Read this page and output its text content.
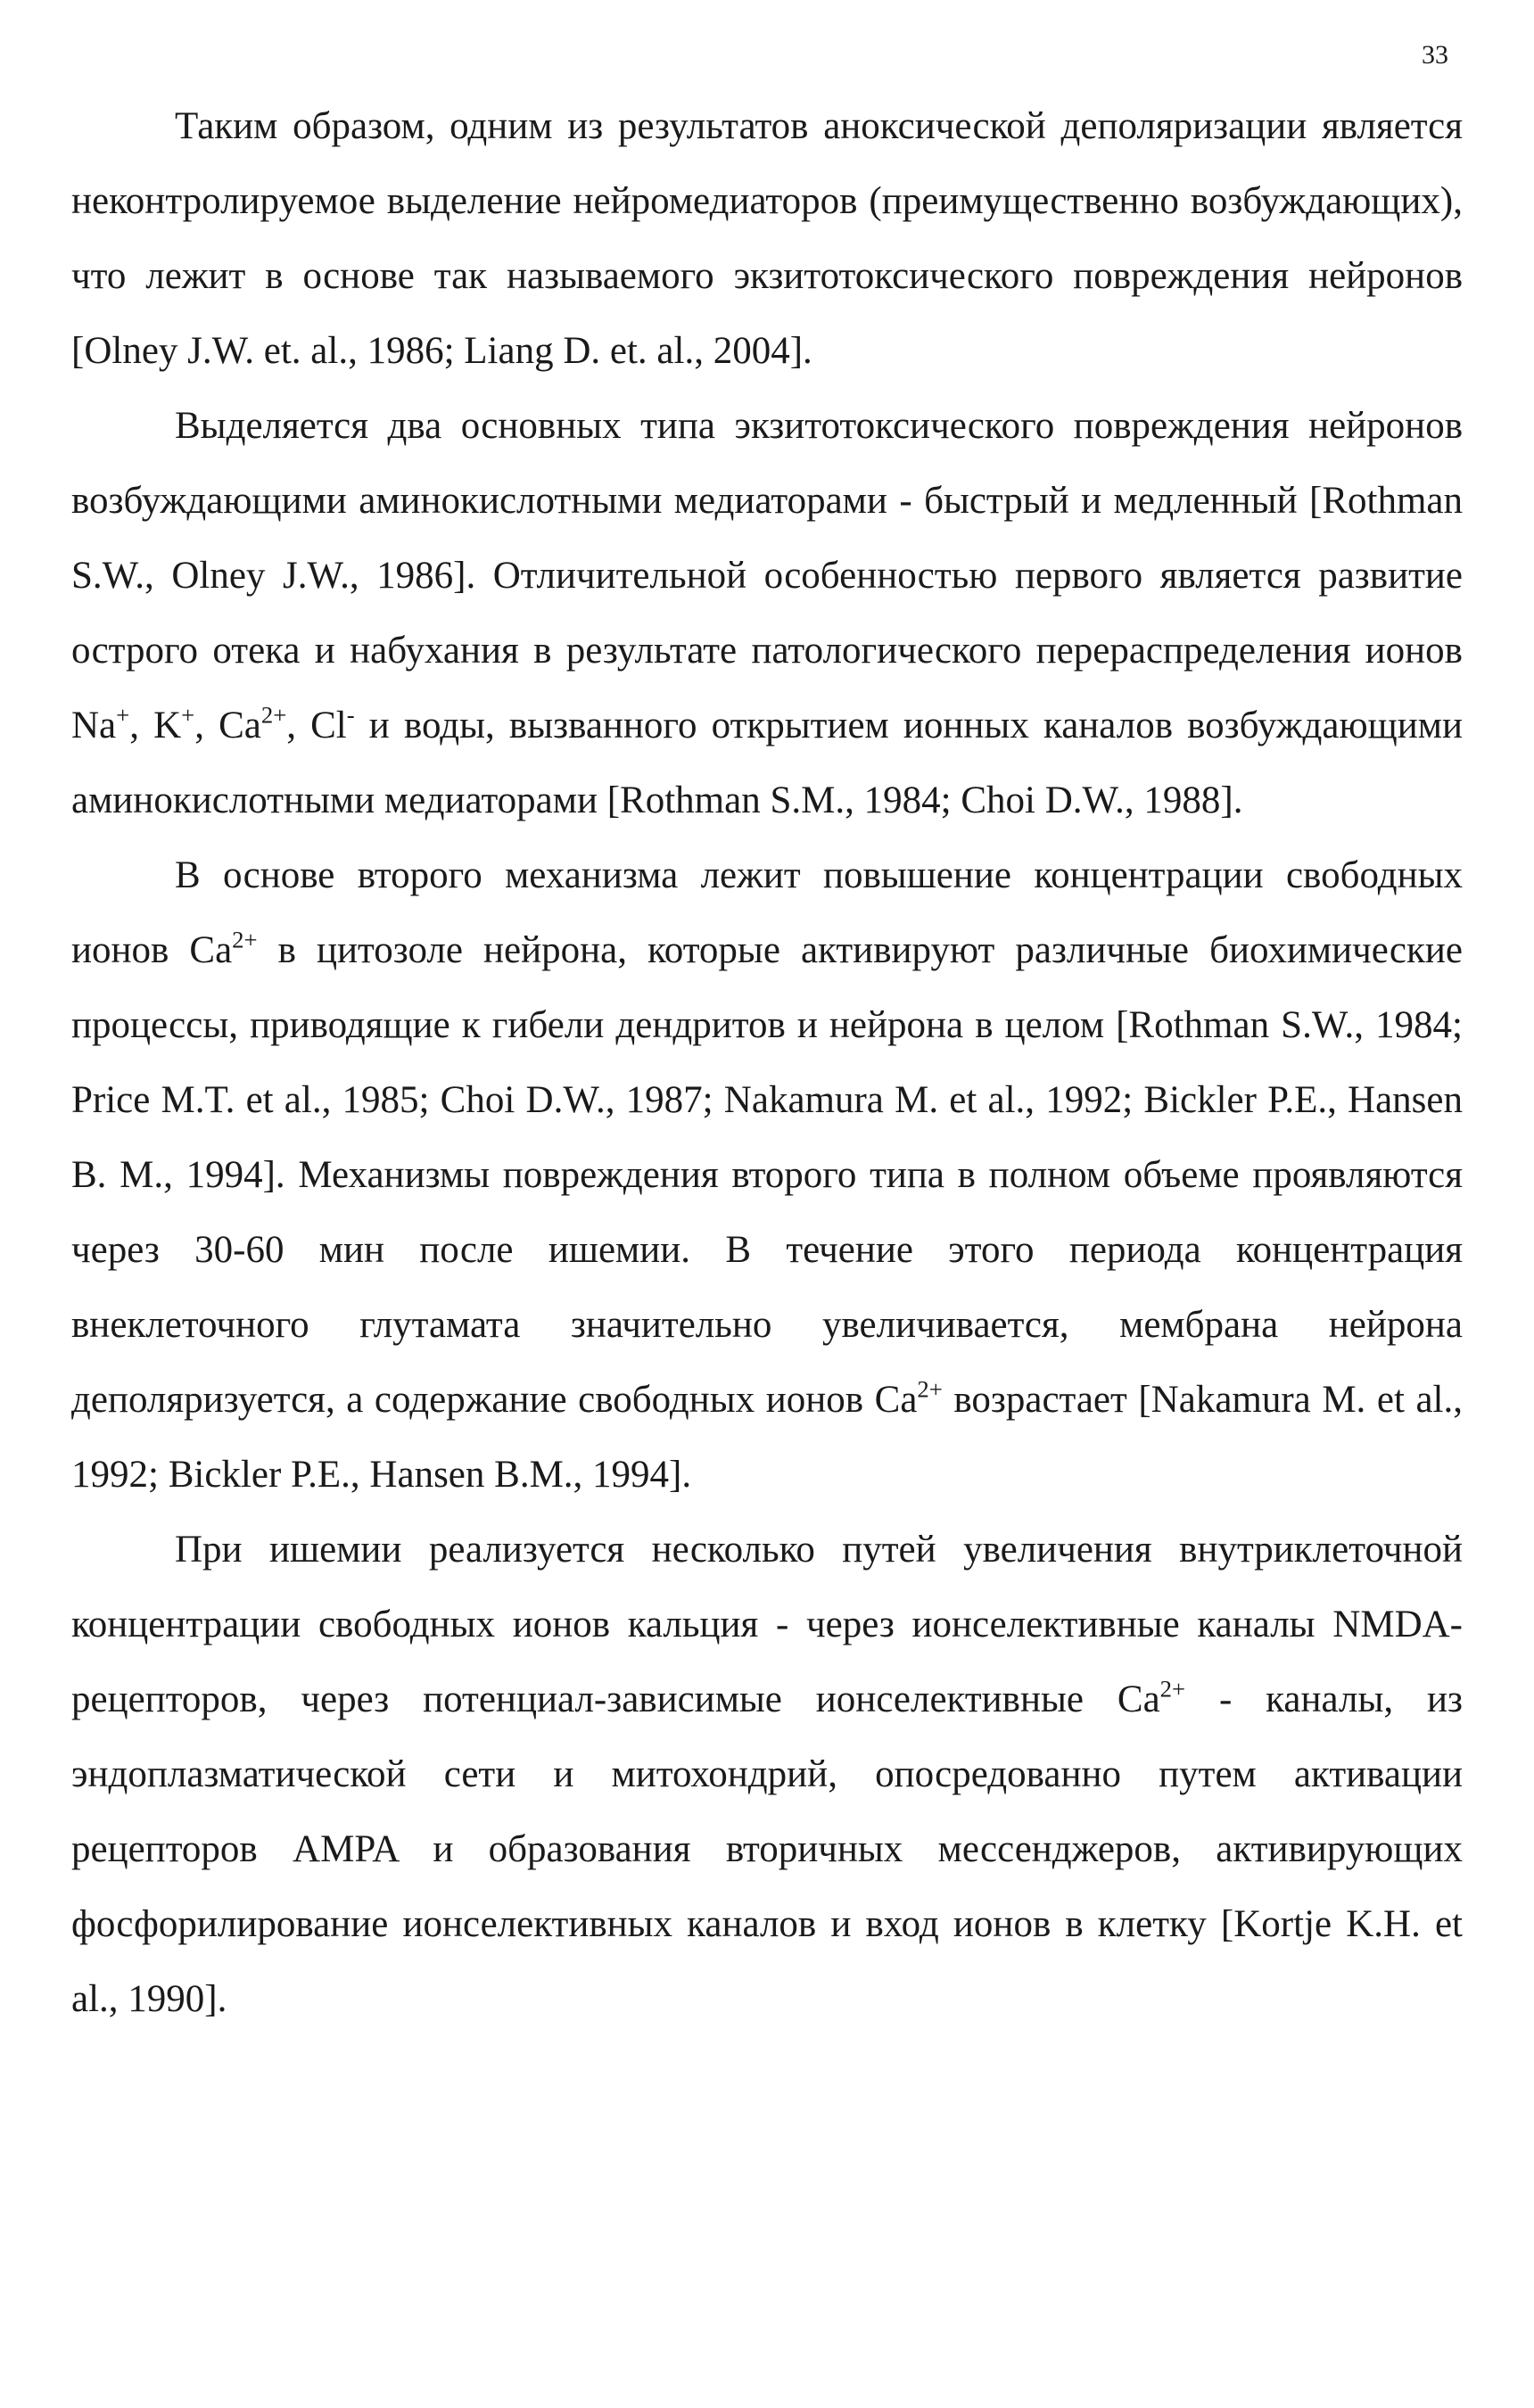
33

Таким образом, одним из результатов аноксической деполяризации является неконтролируемое выделение нейромедиаторов (преимущественно возбуждающих), что лежит в основе так называемого экзитотоксического повреждения нейронов [Olney J.W. et. al., 1986; Liang D. et. al., 2004].

Выделяется два основных типа экзитотоксического повреждения нейронов возбуждающими аминокислотными медиаторами - быстрый и медленный [Rothman S.W., Olney J.W., 1986]. Отличительной особенностью первого является развитие острого отека и набухания в результате патологического перераспределения ионов Na+, K+, $Ca^{2+}$, Cl- и воды, вызванного открытием ионных каналов возбуждающими аминокислотными медиаторами [Rothman S.M., 1984; Choi D.W., 1988].

В основе второго механизма лежит повышение концентрации свободных ионов $Ca^{2+}$ в цитозоле нейрона, которые активируют различные биохимические процессы, приводящие к гибели дендритов и нейрона в целом [Rothman S.W., 1984; Price M.T. et al., 1985; Choi D.W., 1987; Nakamura M. et al., 1992; Bickler P.E., Hansen B. M., 1994]. Механизмы повреждения второго типа в полном объеме проявляются через 30-60 мин после ишемии. В течение этого периода концентрация внеклеточного глутамата значительно увеличивается, мембрана нейрона деполяризуется, а содержание свободных ионов $Ca^{2+}$ возрастает [Nakamura M. et al., 1992; Bickler P.E., Hansen B.M., 1994].

При ишемии реализуется несколько путей увеличения внутриклеточной концентрации свободных ионов кальция - через ионселективные каналы NMDA-рецепторов, через потенциал-зависимые ионселективные $Ca^{2+}$ - каналы, из эндоплазматической сети и митохондрий, опосредованно путем активации рецепторов AMPA и образования вторичных мессенджеров, активирующих фосфорилирование ионселективных каналов и вход ионов в клетку [Kortje K.H. et al., 1990].
